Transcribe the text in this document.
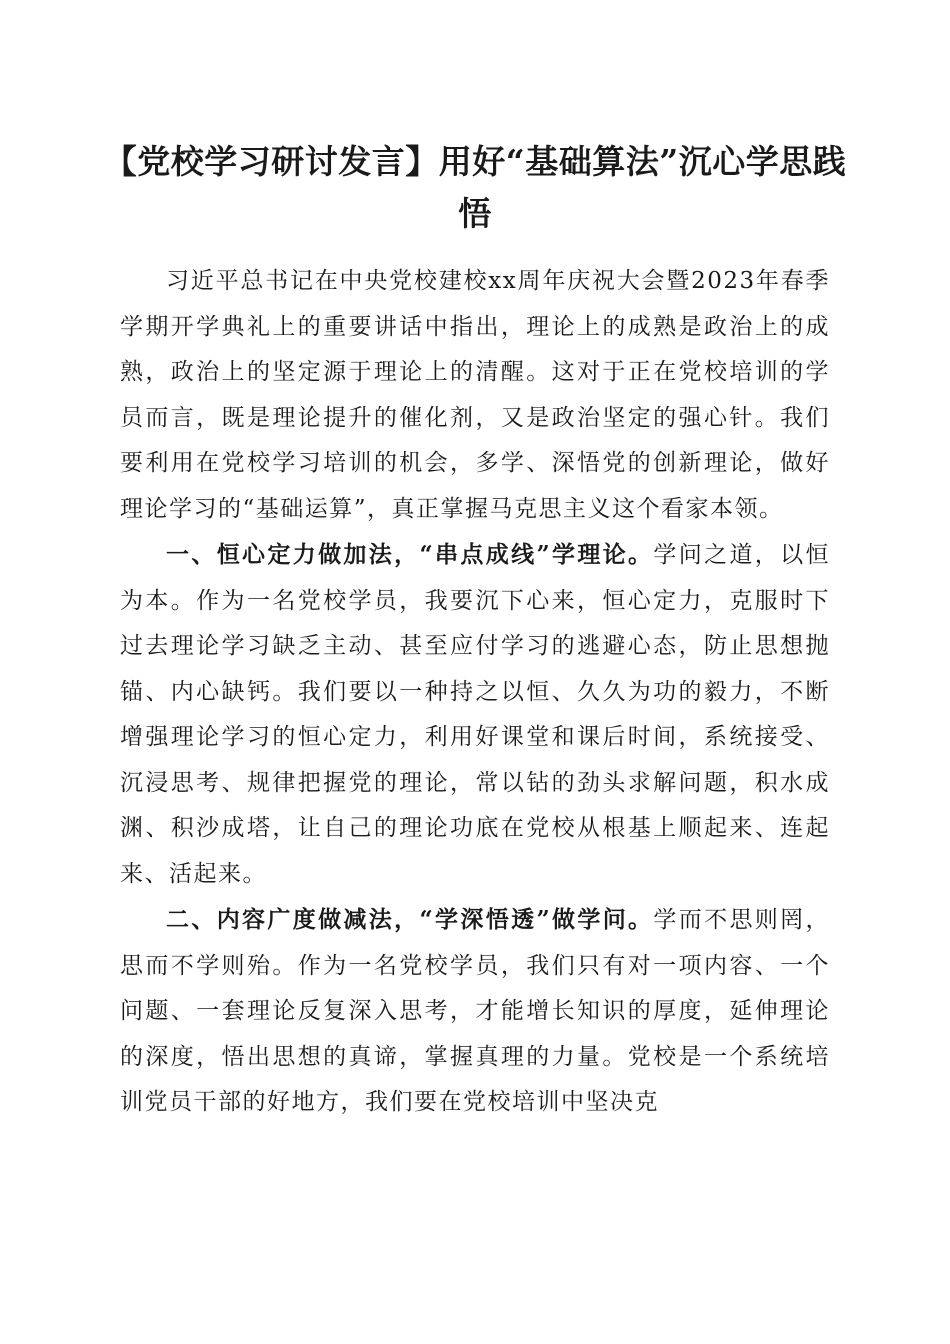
【党校学习研讨发言】用好“基础算法”沉心学思践悟

习近平总书记在中央党校建校xx周年庆祝大会暨2023年春季学期开学典礼上的重要讲话中指出，理论上的成熟是政治上的成熟，政治上的坚定源于理论上的清醒。这对于正在党校培训的学员而言，既是理论提升的催化剂，又是政治坚定的强心针。我们要利用在党校学习培训的机会，多学、深悟党的创新理论，做好理论学习的“基础运算”，真正掌握马克思主义这个看家本领。

一、恒心定力做加法，“串点成线”学理论。学问之道，以恒为本。作为一名党校学员，我要沉下心来，恒心定力，克服时下过去理论学习缺乏主动、甚至应付学习的逃避心态，防止思想抛锚、内心缺钙。我们要以一种持之以恒、久久为功的毅力，不断增强理论学习的恒心定力，利用好课堂和课后时间，系统接受、沉浸思考、规律把握党的理论，常以钻的劲头求解问题，积水成渊、积沙成塔，让自己的理论功底在党校从根基上顺起来、连起来、活起来。

二、内容广度做减法，“学深悟透”做学问。学而不思则罔，思而不学则殆。作为一名党校学员，我们只有对一项内容、一个问题、一套理论反复深入思考，才能增长知识的厚度，延伸理论的深度，悟出思想的真谛，掌握真理的力量。党校是一个系统培训党员干部的好地方，我们要在党校培训中坚决克
